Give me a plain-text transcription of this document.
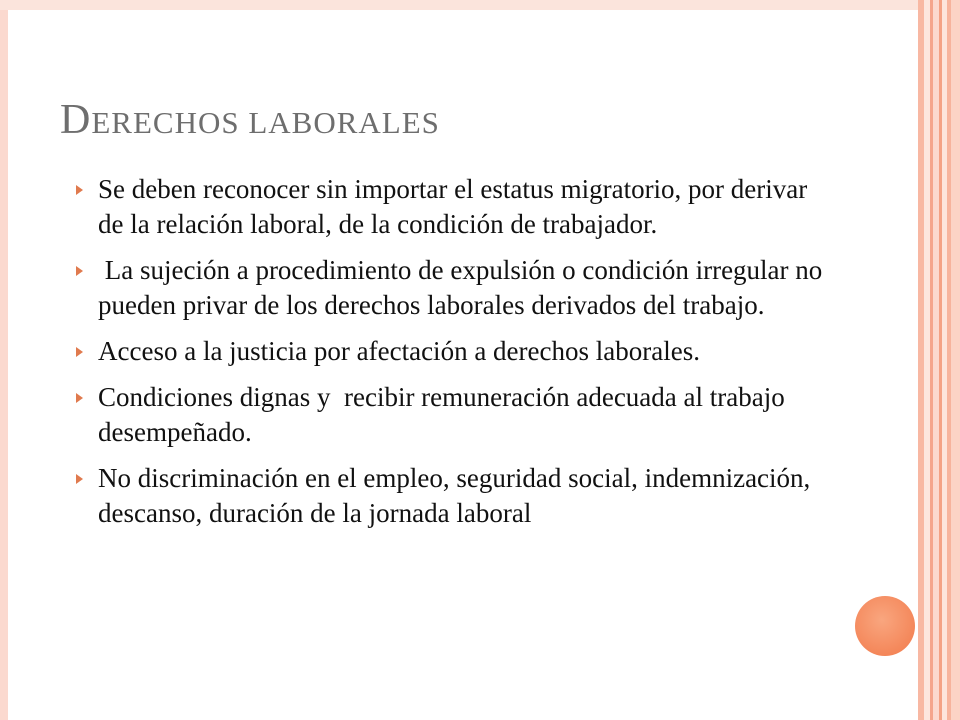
DERECHOS LABORALES
Se deben reconocer sin importar el estatus migratorio, por derivar de la relación laboral, de la condición de trabajador.
La sujeción a procedimiento de expulsión o condición irregular no pueden privar de los derechos laborales derivados del trabajo.
Acceso a la justicia por afectación a derechos laborales.
Condiciones dignas y  recibir remuneración adecuada al trabajo desempeñado.
No discriminación en el empleo, seguridad social, indemnización, descanso, duración de la jornada laboral
